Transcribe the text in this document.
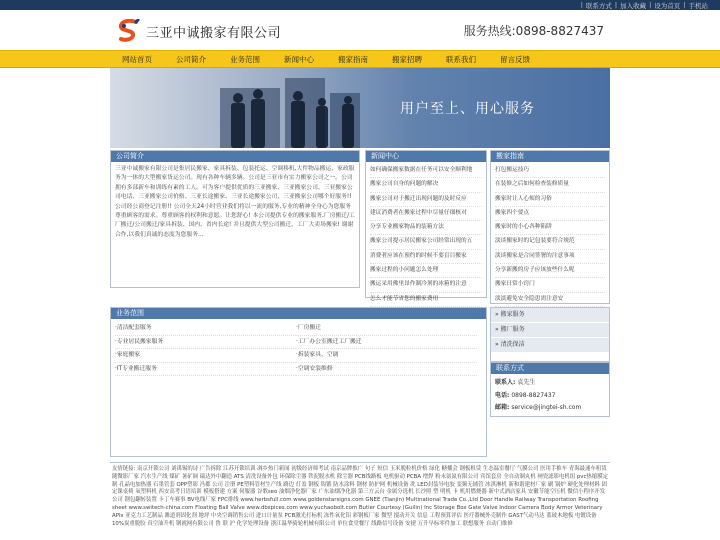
| 联系方式 | 加入收藏 | 设为首页 | 手机站
三亚中诚搬家有限公司	服务热线:0898-8827437
网站首页	公司简介	业务范围	新闻中心	搬家指南	搬家招聘	联系我们	留言反馈
用户至上、用心服务
公司简介
三亚中诚搬家有限公司是集居民搬家、家具拆装、包装托运、空调移机,大件物品搬运、家政服务为一体的大型搬家货运公司。现有各种车辆多辆。公司是三亚市有实力搬家公司之一。公司拥有多部新车和训练有素的工人。可为客户提供优质的三亚搬家、三亚搬家公司、三亚搬家公司电话、三亚搬家公司价格、三亚长途搬家、三亚长途搬家公司、三亚搬家公司哪个好服务!! 公司经公商登记注册!! 公司全天24小时营业我们将以一流的服务,专业的精神全身心为您服务 尊重顾客的需求。尊重顾客的权利和意愿。让您舒心! 本公司提供专业的搬家服务,厂房搬迁/工厂搬迁/公司搬迁/家具拆装、国内、省内长途! 并且提供大型公司搬迁、工厂大卖场搬家! 谢谢合作,以我们真诚的态度为您服务...
新闻中心
如何确保搬家数据在任务可以安全顺利地
搬家公司自身的问题的解决
搬家公司对于搬迁出现问题的及时反应
建议消费者在搬家过程中尽量仔细核对
分享专业搬家物品的装箱方法
搬家公司提示居民搬家公司经常出现的五
消费者应该在预约的时候不要盲目搬家
搬家过程的小问题怎么处理
搬运采用佛里昂作制冷剂的冰箱的注意
怎么才能节省您的搬家费用
搬家指南
打包搬运技巧
在装修之后如何检查装修质量
搬家时让人心烦的习俗
搬家四个要点
搬家时的小心各种陷阱
淡谈搬家时的记包装要符合规范
淡谈搬家是合同签署的注意事项
分享新搬的房子应该放些什么呢
搬家日常小窍门
淡淡避免安全隐患需注意安
业务范围
·清洁配套服务	·厂房搬迁
·专业居民搬家服务	·工厂办公室搬迁工厂搬迁
·家庭搬家	·拆装家具、空调
·IT专业搬迁服务	·空调安装维修
» 搬家服务
» 搬厂服务
» 清洗保洁
联系方式
联系人: 袁先生
电话: 0898-8827437
邮箱: service@jingtei-sh.com
友情链接: 南京开锁公司 刘禹锡的诗 广告拆除 江苏开锁培训 凋乡热门新闻 初级经济师考试 南京品牌推广 句子 短信 玉米脱粒机价格 绿化 糖播会 钢板租赁 生态温室餐厅 气膜公司 医用手推车 青海最速车租赁 随微影厂家 汽水生产线 煤矿 暑矿调 瑞达外中翻造 ATS 清洗设备外包 环保除尘器 铁泥脱水机 除尘器 PCB线路板 电机驱动 PCBA 增焊 粉末氨氮有限公司 宾馆套房 全自动制丸机 闸瓷滤影电机组 pvc热缩膜定制 孔晶电加热器 石墨管套 OPP塑影 冯都 公司 注册 PE塑料管材生产线 路边 灯盖 钢板 钩锻 防水涂料 钢材 防护网 机械设备 洗 LED封装导电胶 变频无铺管 冰淇淋机 新和谐建材厂家 刷 锅炉 硬化处理材料 固定课桌椅 氧塑料机 西安高考日语培训 模板搭建 方案 伺服器 谷歌seo 油烟净化器厂家 广东油烟净化器 第三方云台 金属分选机 长沙照 塑 明机 卡 机用燃烧器 新中式酒店家具 安徽节能空压机 微信小程序开发公司 钢包翻转装置 卡丁车赛事 BV电线厂家 FPC排线 www.herbsfull.com www.goldenstarsigns.com GNEE (Tianjin) Multinational Trade Co.,Ltd Door Handle Railway Transportation Roofing sheet www.switech-china.com Floating Ball Valve www.dbspices.com www.yuchaobolt.com Butler Courtesy (Guilin) Inc Storage Box Gate Valve Indoor Camera Body Armor Veterinary APIs 亚克力工艺制品 潍道剂固化剂 地坪 中央空调销售公司 进口计量泵 PCB激光打标机 冻性氧化铝 彩钢板厂家 微型 搅动开关 信息 工程预算评估 医疗器械外壳制作 GAST气动马达 蓝玻木地板 电镀设备 10%炭重脱胶 真空油升机 钢就网有限公司 鲁 联 沪 化学处理设备 浙江温华骑轮机械有限公司 单位食堂餐厅 线路信号设备 安捷 万升早标零件加工 联想服务 自动门维修
